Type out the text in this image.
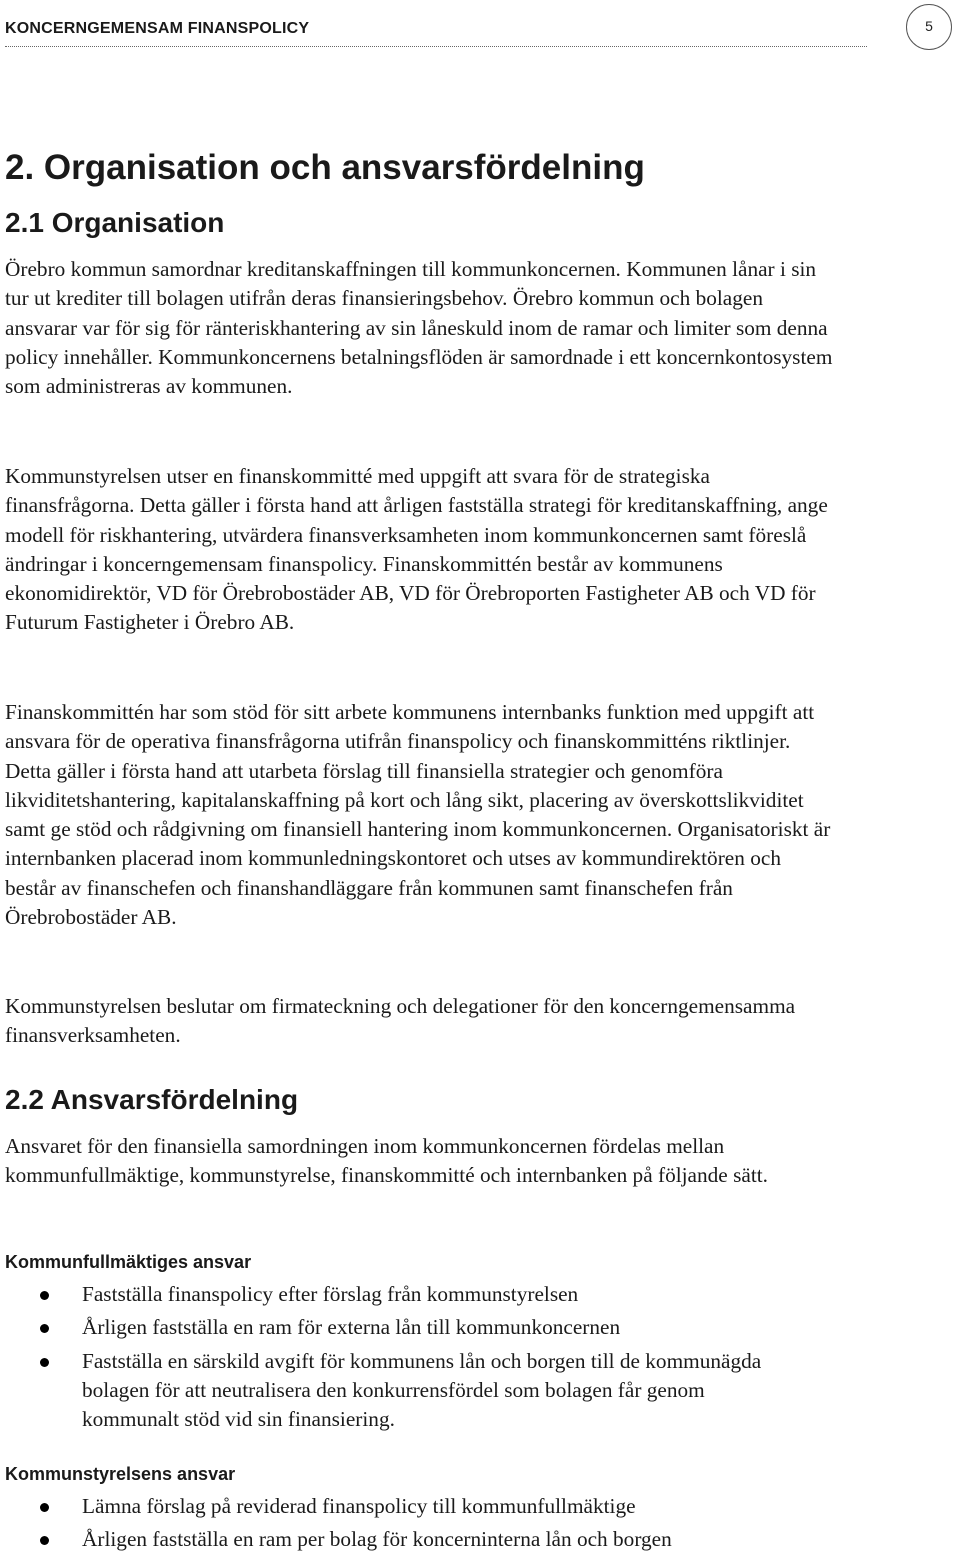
KONCERNGEMENSAM FINANSPOLICY	5
2. Organisation och ansvarsfördelning
2.1 Organisation
Örebro kommun samordnar kreditanskaffningen till kommunkoncernen. Kommunen lånar i sin tur ut krediter till bolagen utifrån deras finansieringsbehov. Örebro kommun och bolagen ansvarar var för sig för ränteriskhantering av sin låneskuld inom de ramar och limiter som denna policy innehåller. Kommunkoncernens betalningsflöden är samordnade i ett koncernkontosystem som administreras av kommunen.
Kommunstyrelsen utser en finanskommitté med uppgift att svara för de strategiska finansfrågorna. Detta gäller i första hand att årligen fastställa strategi för kreditanskaffning, ange modell för riskhantering, utvärdera finansverksamheten inom kommunkoncernen samt föreslå ändringar i koncerngemensam finanspolicy. Finanskommittén består av kommunens ekonomidirektör, VD för Örebrobostäder AB, VD för Örebroporten Fastigheter AB och VD för Futurum Fastigheter i Örebro AB.
Finanskommittén har som stöd för sitt arbete kommunens internbanks funktion med uppgift att ansvara för de operativa finansfrågorna utifrån finanspolicy och finanskommitténs riktlinjer. Detta gäller i första hand att utarbeta förslag till finansiella strategier och genomföra likviditetshantering, kapitalanskaffning på kort och lång sikt, placering av överskottslikviditet samt ge stöd och rådgivning om finansiell hantering inom kommunkoncernen. Organisatoriskt är internbanken placerad inom kommunledningskontoret och utses av kommundirektören och består av finanschefen och finanshandläggare från kommunen samt finanschefen från Örebrobostäder AB.
Kommunstyrelsen beslutar om firmateckning och delegationer för den koncerngemensamma finansverksamheten.
2.2 Ansvarsfördelning
Ansvaret för den finansiella samordningen inom kommunkoncernen fördelas mellan kommunfullmäktige, kommunstyrelse, finanskommitté och internbanken på följande sätt.
Kommunfullmäktiges ansvar
Fastställa finanspolicy efter förslag från kommunstyrelsen
Årligen fastställa en ram för externa lån till kommunkoncernen
Fastställa en särskild avgift för kommunens lån och borgen till de kommunägda bolagen för att neutralisera den konkurrensfördel som bolagen får genom kommunalt stöd vid sin finansiering.
Kommunstyrelsens ansvar
Lämna förslag på reviderad finanspolicy till kommunfullmäktige
Årligen fastställa en ram per bolag för koncerninterna lån och borgen
